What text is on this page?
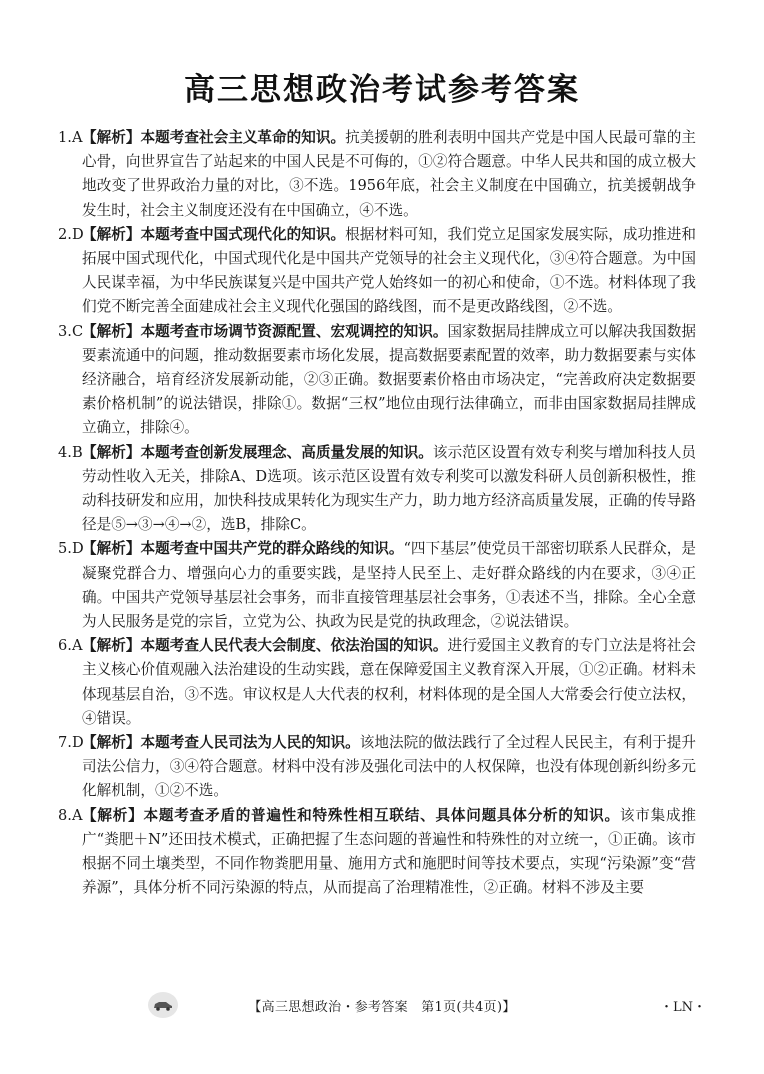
高三思想政治考试参考答案
1.A 【解析】本题考查社会主义革命的知识。抗美援朝的胜利表明中国共产党是中国人民最可靠的主心骨，向世界宣告了站起来的中国人民是不可侮的，①②符合题意。中华人民共和国的成立极大地改变了世界政治力量的对比，③不选。1956年底，社会主义制度在中国确立，抗美援朝战争发生时，社会主义制度还没有在中国确立，④不选。
2.D
【解析】本题考查中国式现代化的知识。根据材料可知，我们党立足国家发展实际，成功推进和拓展中国式现代化，中国式现代化是中国共产党领导的社会主义现代化，③④符合题意。为中国人民谋幸福，为中华民族谋复兴是中国共产党人始终如一的初心和使命，①不选。材料体现了我们党不断完善全面建成社会主义现代化强国的路线图，而不是更改路线图，②不选。
3.C
【解析】本题考查市场调节资源配置、宏观调控的知识。国家数据局挂牌成立可以解决我国数据要素流通中的问题，推动数据要素市场化发展，提高数据要素配置的效率，助力数据要素与实体经济融合，培育经济发展新动能，②③正确。数据要素价格由市场决定，“完善政府决定数据要素价格机制”的说法错误，排除①。数据“三权”地位由现行法律确立，而非由国家数据局挂牌成立确立，排除④。
4.B 【解析】本题考查创新发展理念、高质量发展的知识。该示范区设置有效专利奖与增加科技人员劳动性收入无关，排除A、D选项。该示范区设置有效专利奖可以激发科研人员创新积极性，推动科技研发和应用，加快科技成果转化为现实生产力，助力地方经济高质量发展，正确的传导路径是⑤→③→④→②，选B，排除C。
5.D
【解析】本题考查中国共产党的群众路线的知识。“四下基层”使党员干部密切联系人民群众，是凝聚党群合力、增强向心力的重要实践，是坚持人民至上、走好群众路线的内在要求，③④正确。中国共产党领导基层社会事务，而非直接管理基层社会事务，①表述不当，排除。全心全意为人民服务是党的宗旨，立党为公、执政为民是党的执政理念，②说法错误。
6.A 【解析】本题考查人民代表大会制度、依法治国的知识。进行爱国主义教育的专门立法是将社会主义核心价值观融入法治建设的生动实践，意在保障爱国主义教育深入开展，①②正确。材料未体现基层自治，③不选。审议权是人大代表的权利，材料体现的是全国人大常委会行使立法权，④错误。
7.D
【解析】本题考查人民司法为人民的知识。该地法院的做法践行了全过程人民民主，有利于提升司法公信力，③④符合题意。材料中没有涉及强化司法中的人权保障，也没有体现创新纠纷多元化解机制，①②不选。
8.A 【解析】本题考查矛盾的普遍性和特殊性相互联结、具体问题具体分析的知识。该市集成推广“粪肥＋N”还田技术模式，正确把握了生态问题的普遍性和特殊性的对立统一，①正确。该市根据不同土壤类型，不同作物粪肥用量、施用方式和施肥时间等技术要点，实现“污染源”变“营养源”，具体分析不同污染源的特点，从而提高了治理精准性，②正确。材料不涉及主要
【高三思想政治・参考答案　第1页(共4页)】	・LN・
